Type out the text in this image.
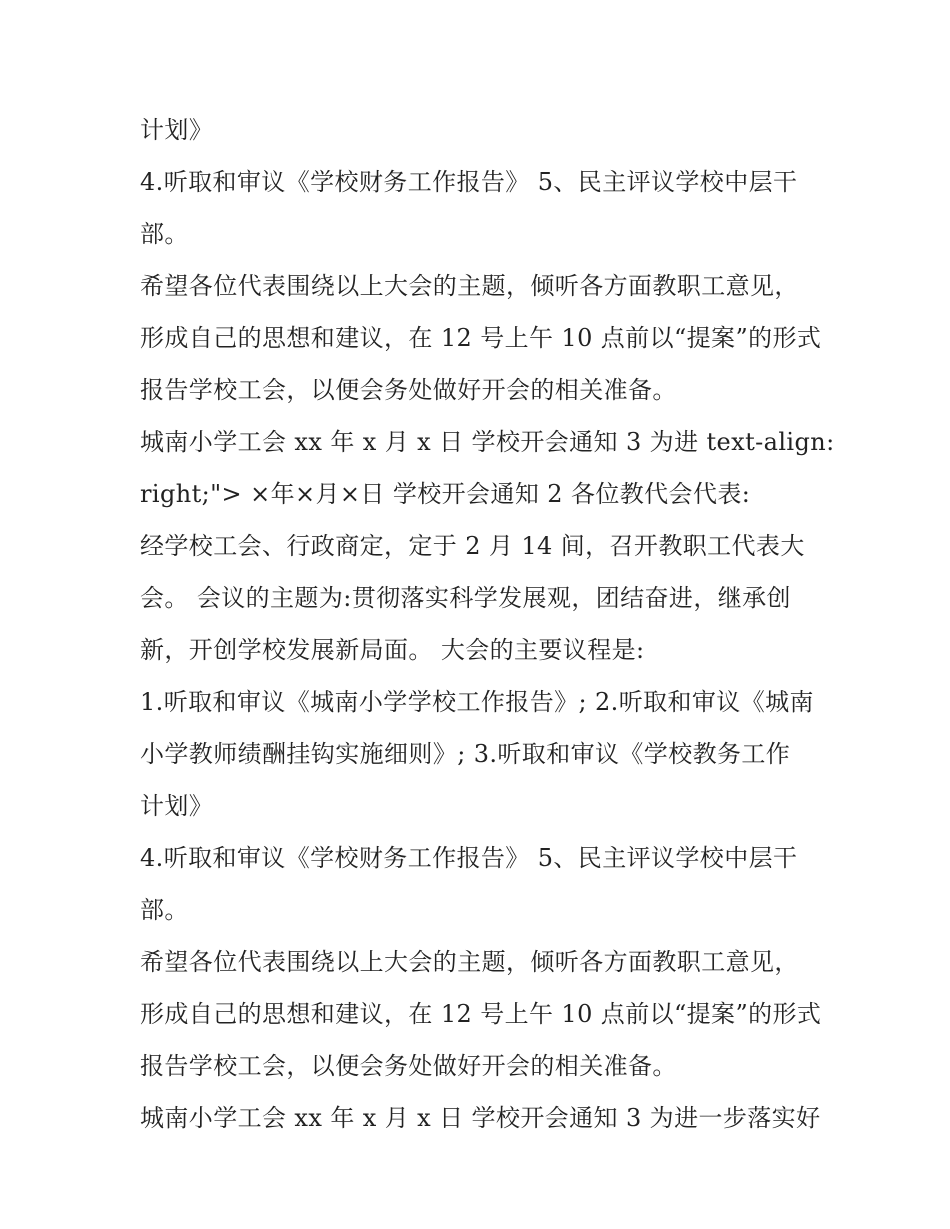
计划》
4.听取和审议《学校财务工作报告》 5、民主评议学校中层干
部。
希望各位代表围绕以上大会的主题，倾听各方面教职工意见，
形成自己的思想和建议，在 12 号上午 10 点前以“提案”的形式
报告学校工会，以便会务处做好开会的相关准备。
城南小学工会 xx 年 x 月 x 日 学校开会通知 3 为进 text-align:
right;"> ×年×月×日 学校开会通知 2 各位教代会代表:
经学校工会、行政商定，定于 2 月 14 间，召开教职工代表大
会。 会议的主题为:贯彻落实科学发展观，团结奋进，继承创
新，开创学校发展新局面。 大会的主要议程是:
1.听取和审议《城南小学学校工作报告》; 2.听取和审议《城南
小学教师绩酬挂钩实施细则》; 3.听取和审议《学校教务工作
计划》
4.听取和审议《学校财务工作报告》 5、民主评议学校中层干
部。
希望各位代表围绕以上大会的主题，倾听各方面教职工意见，
形成自己的思想和建议，在 12 号上午 10 点前以“提案”的形式
报告学校工会，以便会务处做好开会的相关准备。
城南小学工会 xx 年 x 月 x 日 学校开会通知 3 为进一步落实好
